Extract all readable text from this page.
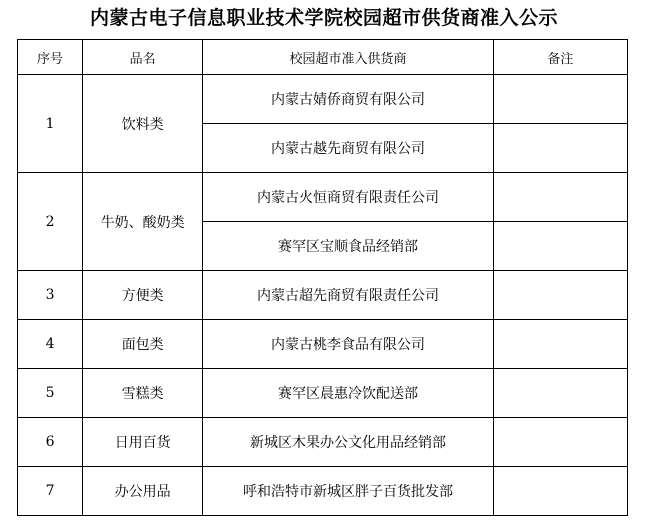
内蒙古电子信息职业技术学院校园超市供货商准入公示
序号	品名	校园超市准入供货商	备注
1	饮料类	内蒙古婧侨商贸有限公司	
		内蒙古越先商贸有限公司	
2	牛奶、酸奶类	内蒙古火恒商贸有限责任公司	
		赛罕区宝顺食品经销部	
3	方便类	内蒙古超先商贸有限责任公司	
4	面包类	内蒙古桃李食品有限公司	
5	雪糕类	赛罕区晨惠冷饮配送部	
6	日用百货	新城区木果办公文化用品经销部	
7	办公用品	呼和浩特市新城区胖子百货批发部	
